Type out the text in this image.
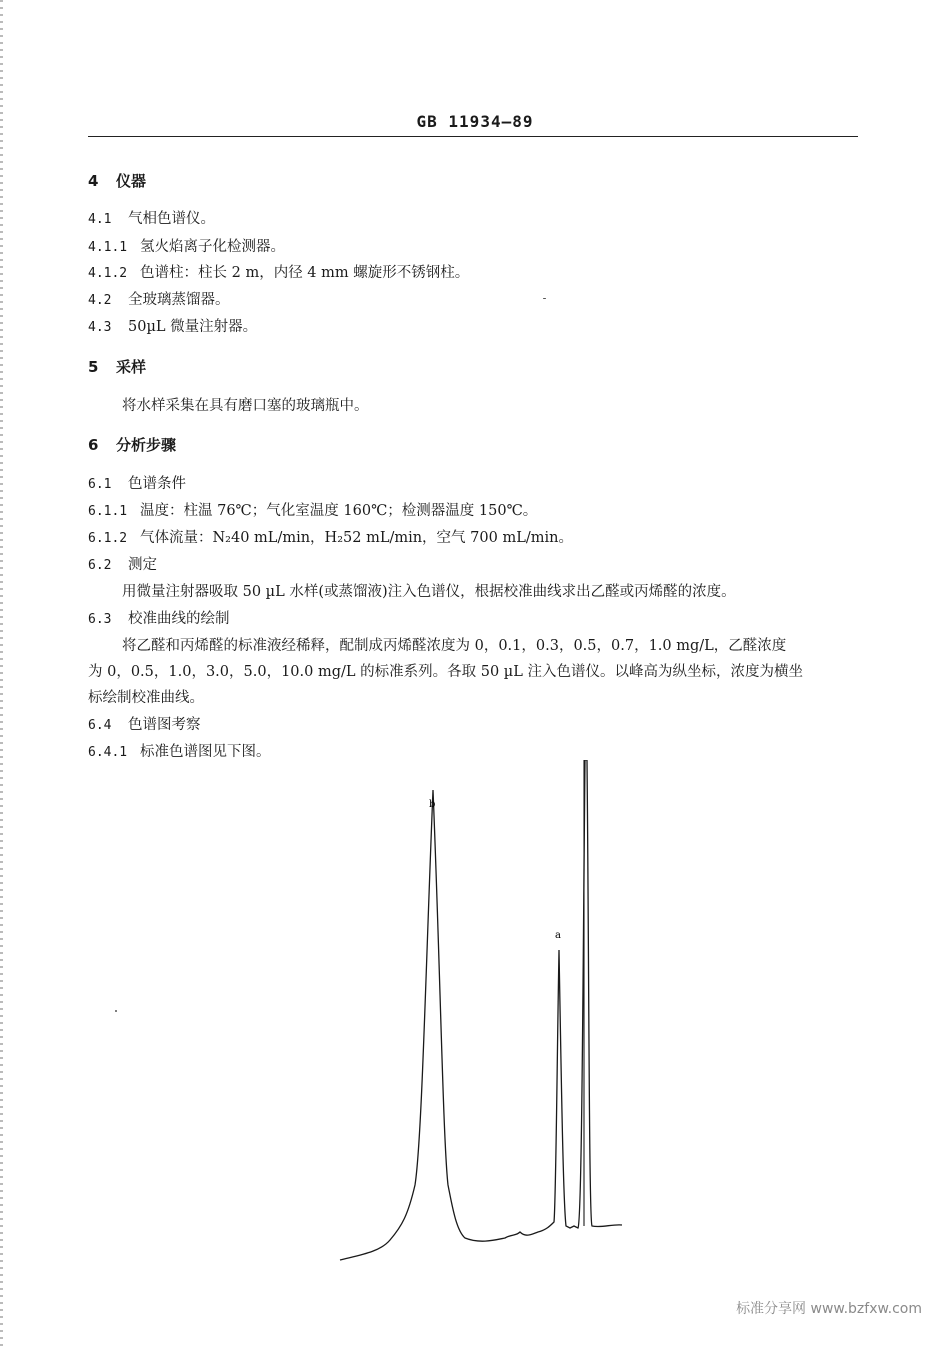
GB 11934—89
4 仪器
4.1 气相色谱仪。
4.1.1 氢火焰离子化检测器。
4.1.2 色谱柱：柱长 2 m，内径 4 mm 螺旋形不锈钢柱。
4.2 全玻璃蒸馏器。
4.3 50µL 微量注射器。
5 采样
将水样采集在具有磨口塞的玻璃瓶中。
6 分析步骤
6.1 色谱条件
6.1.1 温度：柱温 76℃；气化室温度 160℃；检测器温度 150℃。
6.1.2 气体流量：N₂40 mL/min，H₂52 mL/min，空气 700 mL/min。
6.2 测定
用微量注射器吸取 50 µL 水样(或蒸馏液)注入色谱仪，根据校准曲线求出乙醛或丙烯醛的浓度。
6.3 校准曲线的绘制
将乙醛和丙烯醛的标准液经稀释，配制成丙烯醛浓度为 0，0.1，0.3，0.5，0.7，1.0 mg/L，乙醛浓度
为 0，0.5，1.0，3.0，5.0，10.0 mg/L 的标准系列。各取 50 µL 注入色谱仪。以峰高为纵坐标，浓度为横坐
标绘制校准曲线。
6.4 色谱图考察
6.4.1 标准色谱图见下图。
b
a
标准分享网 www.bzfxw.com
